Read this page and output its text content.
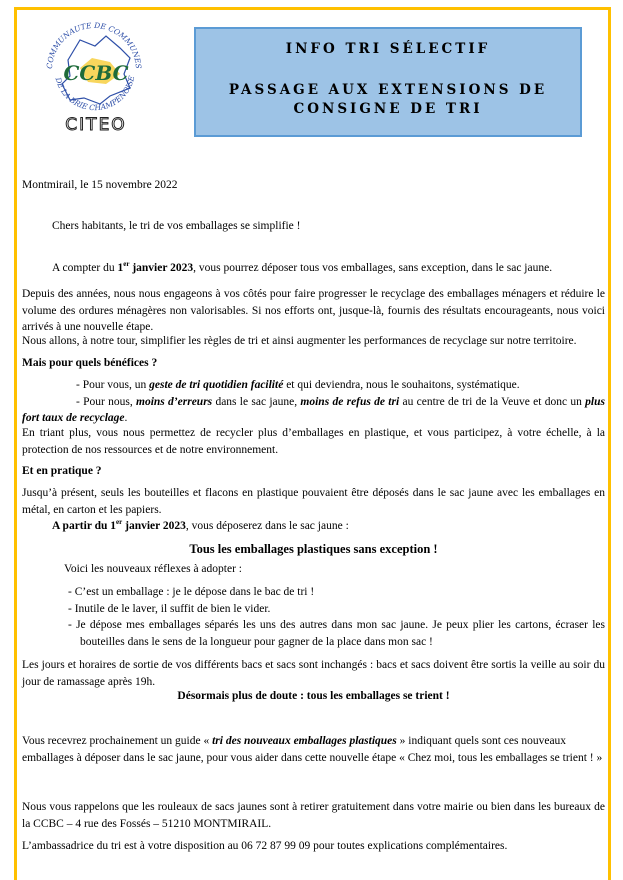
COMMUNAUTE DE COMMUNES
DE LA BRIE CHAMPENOISE
CCBC
CITEO
INFO TRI SÉLECTIF
PASSAGE AUX EXTENSIONS DE
CONSIGNE DE TRI
Montmirail, le 15 novembre 2022
Chers habitants, le tri de vos emballages se simplifie !
A compter du 1er janvier 2023, vous pourrez déposer tous vos emballages, sans exception, dans le sac jaune.
Depuis des années, nous nous engageons à vos côtés pour faire progresser le recyclage des emballages ménagers et réduire le volume des ordures ménagères non valorisables. Si nos efforts ont, jusque-là, fournis des résultats encourageants, nous voici arrivés à une nouvelle étape.
Nous allons, à notre tour, simplifier les règles de tri et ainsi augmenter les performances de recyclage sur notre territoire.
Mais pour quels bénéfices ?
- Pour vous, un geste de tri quotidien facilité et qui deviendra, nous le souhaitons, systématique.
- Pour nous, moins d’erreurs dans le sac jaune, moins de refus de tri au centre de tri de la Veuve et donc un plus fort taux de recyclage.
En triant plus, vous nous permettez de recycler plus d’emballages en plastique, et vous participez, à votre échelle, à la protection de nos ressources et de notre environnement.
Et en pratique ?
Jusqu’à présent, seuls les bouteilles et flacons en plastique pouvaient être déposés dans le sac jaune avec les emballages en métal, en carton et les papiers.
A partir du 1er janvier 2023, vous déposerez dans le sac jaune :
Tous les emballages plastiques sans exception !
Voici les nouveaux réflexes à adopter :
- C’est un emballage : je le dépose dans le bac de tri !
- Inutile de le laver, il suffit de bien le vider.
- Je dépose mes emballages séparés les uns des autres dans mon sac jaune. Je peux plier les cartons, écraser les bouteilles dans le sens de la longueur pour gagner de la place dans mon sac !
Les jours et horaires de sortie de vos différents bacs et sacs sont inchangés : bacs et sacs doivent être sortis la veille au soir du jour de ramassage après 19h.
Désormais plus de doute : tous les emballages se trient !
Vous recevrez prochainement un guide « tri des nouveaux emballages plastiques » indiquant quels sont ces nouveaux emballages à déposer dans le sac jaune, pour vous aider dans cette nouvelle étape « Chez moi, tous les emballages se trient ! »
Nous vous rappelons que les rouleaux de sacs jaunes sont à retirer gratuitement dans votre mairie ou bien dans les bureaux de la CCBC – 4 rue des Fossés – 51210 MONTMIRAIL.
L’ambassadrice du tri est à votre disposition au 06 72 87 99 09 pour toutes explications complémentaires.
